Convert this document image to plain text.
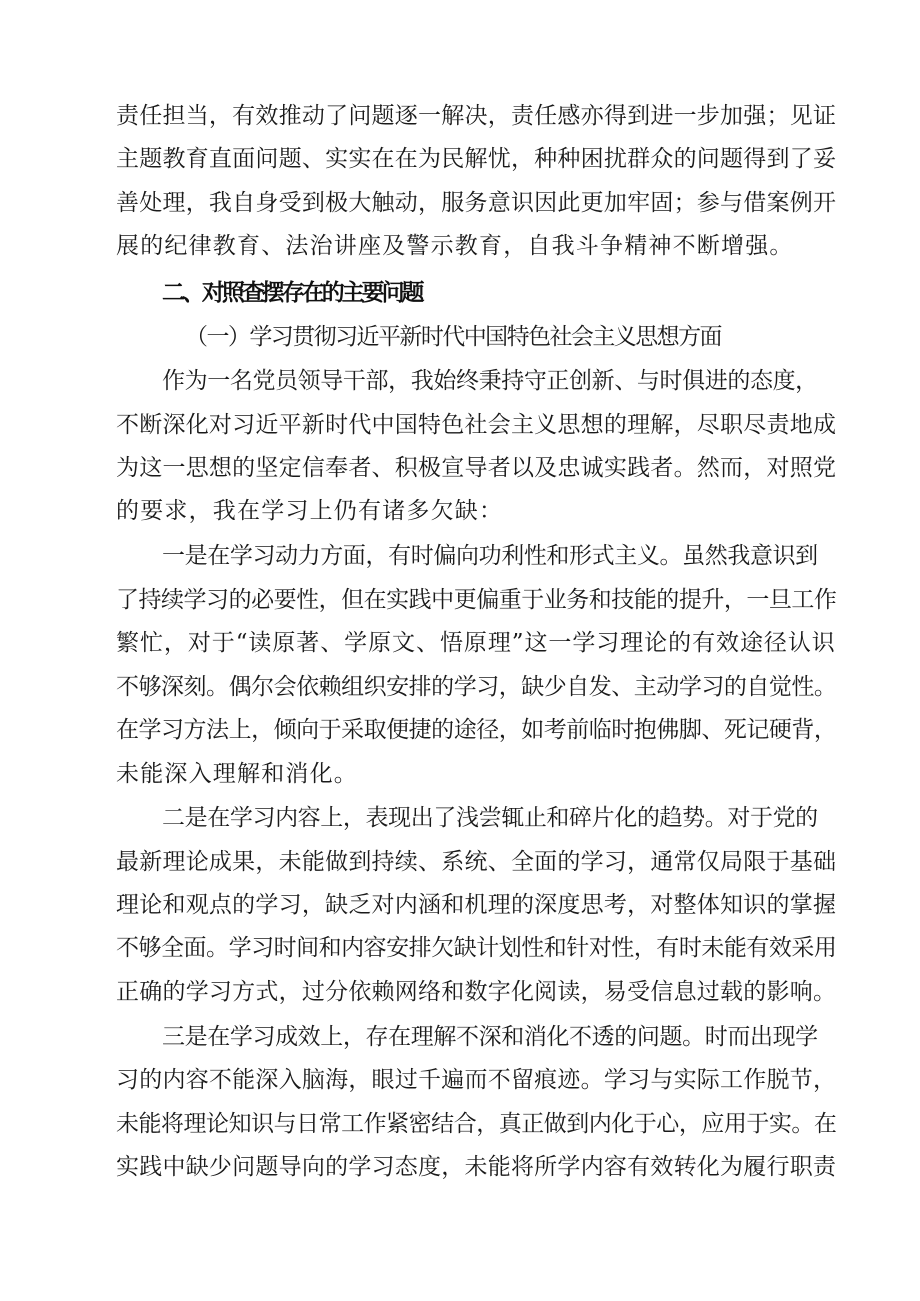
责任担当，有效推动了问题逐一解决，责任感亦得到进一步加强；见证
主题教育直面问题、实实在在为民解忧，种种困扰群众的问题得到了妥
善处理，我自身受到极大触动，服务意识因此更加牢固；参与借案例开
展的纪律教育、法治讲座及警示教育，自我斗争精神不断增强。
二、对照查摆存在的主要问题
（一）学习贯彻习近平新时代中国特色社会主义思想方面
作为一名党员领导干部，我始终秉持守正创新、与时俱进的态度，
不断深化对习近平新时代中国特色社会主义思想的理解，尽职尽责地成
为这一思想的坚定信奉者、积极宣导者以及忠诚实践者。然而，对照党
的要求，我在学习上仍有诸多欠缺：
一是在学习动力方面，有时偏向功利性和形式主义。虽然我意识到
了持续学习的必要性，但在实践中更偏重于业务和技能的提升，一旦工作
繁忙，对于“读原著、学原文、悟原理”这一学习理论的有效途径认识
不够深刻。偶尔会依赖组织安排的学习，缺少自发、主动学习的自觉性。
在学习方法上，倾向于采取便捷的途径，如考前临时抱佛脚、死记硬背，
未能深入理解和消化。
二是在学习内容上，表现出了浅尝辄止和碎片化的趋势。对于党的
最新理论成果，未能做到持续、系统、全面的学习，通常仅局限于基础
理论和观点的学习，缺乏对内涵和机理的深度思考，对整体知识的掌握
不够全面。学习时间和内容安排欠缺计划性和针对性，有时未能有效采用
正确的学习方式，过分依赖网络和数字化阅读，易受信息过载的影响。
三是在学习成效上，存在理解不深和消化不透的问题。时而出现学
习的内容不能深入脑海，眼过千遍而不留痕迹。学习与实际工作脱节，
未能将理论知识与日常工作紧密结合，真正做到内化于心，应用于实。在
实践中缺少问题导向的学习态度，未能将所学内容有效转化为履行职责
